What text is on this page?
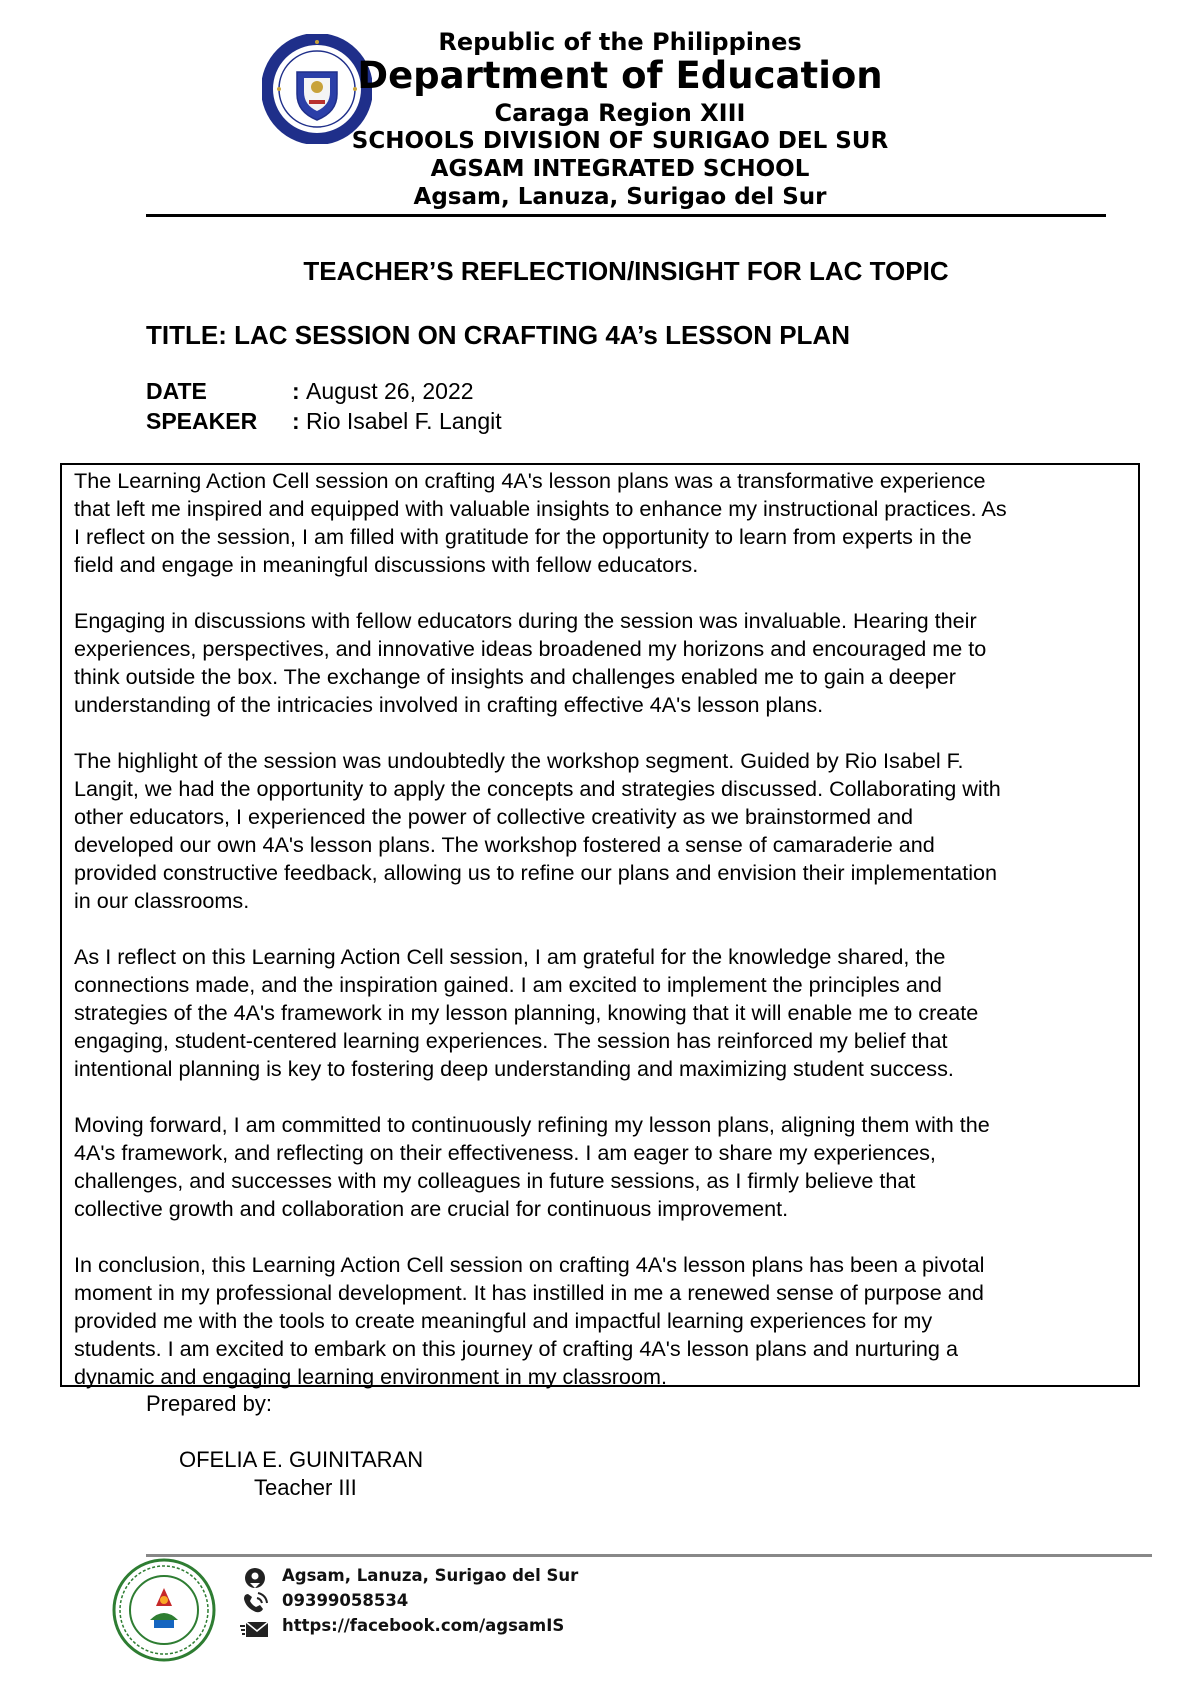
Republic of the Philippines
Department of Education
Caraga Region XIII
SCHOOLS DIVISION OF SURIGAO DEL SUR
AGSAM INTEGRATED SCHOOL
Agsam, Lanuza, Surigao del Sur
TEACHER’S REFLECTION/INSIGHT FOR LAC TOPIC
TITLE: LAC SESSION ON CRAFTING 4A’s LESSON PLAN
DATE	: August 26, 2022
SPEAKER : Rio Isabel F. Langit

The Learning Action Cell session on crafting 4A's lesson plans was a transformative experience
that left me inspired and equipped with valuable insights to enhance my instructional practices. As
I reflect on the session, I am filled with gratitude for the opportunity to learn from experts in the
field and engage in meaningful discussions with fellow educators.

Engaging in discussions with fellow educators during the session was invaluable. Hearing their
experiences, perspectives, and innovative ideas broadened my horizons and encouraged me to
think outside the box. The exchange of insights and challenges enabled me to gain a deeper
understanding of the intricacies involved in crafting effective 4A's lesson plans.

The highlight of the session was undoubtedly the workshop segment. Guided by Rio Isabel F.
Langit, we had the opportunity to apply the concepts and strategies discussed. Collaborating with
other educators, I experienced the power of collective creativity as we brainstormed and
developed our own 4A's lesson plans. The workshop fostered a sense of camaraderie and
provided constructive feedback, allowing us to refine our plans and envision their implementation
in our classrooms.

As I reflect on this Learning Action Cell session, I am grateful for the knowledge shared, the
connections made, and the inspiration gained. I am excited to implement the principles and
strategies of the 4A's framework in my lesson planning, knowing that it will enable me to create
engaging, student-centered learning experiences. The session has reinforced my belief that
intentional planning is key to fostering deep understanding and maximizing student success.

Moving forward, I am committed to continuously refining my lesson plans, aligning them with the
4A's framework, and reflecting on their effectiveness. I am eager to share my experiences,
challenges, and successes with my colleagues in future sessions, as I firmly believe that
collective growth and collaboration are crucial for continuous improvement.

In conclusion, this Learning Action Cell session on crafting 4A's lesson plans has been a pivotal
moment in my professional development. It has instilled in me a renewed sense of purpose and
provided me with the tools to create meaningful and impactful learning experiences for my
students. I am excited to embark on this journey of crafting 4A's lesson plans and nurturing a
dynamic and engaging learning environment in my classroom.

Prepared by:
OFELIA E. GUINITARAN
Teacher III
Agsam, Lanuza, Surigao del Sur
09399058534
https://facebook.com/agsamIS
